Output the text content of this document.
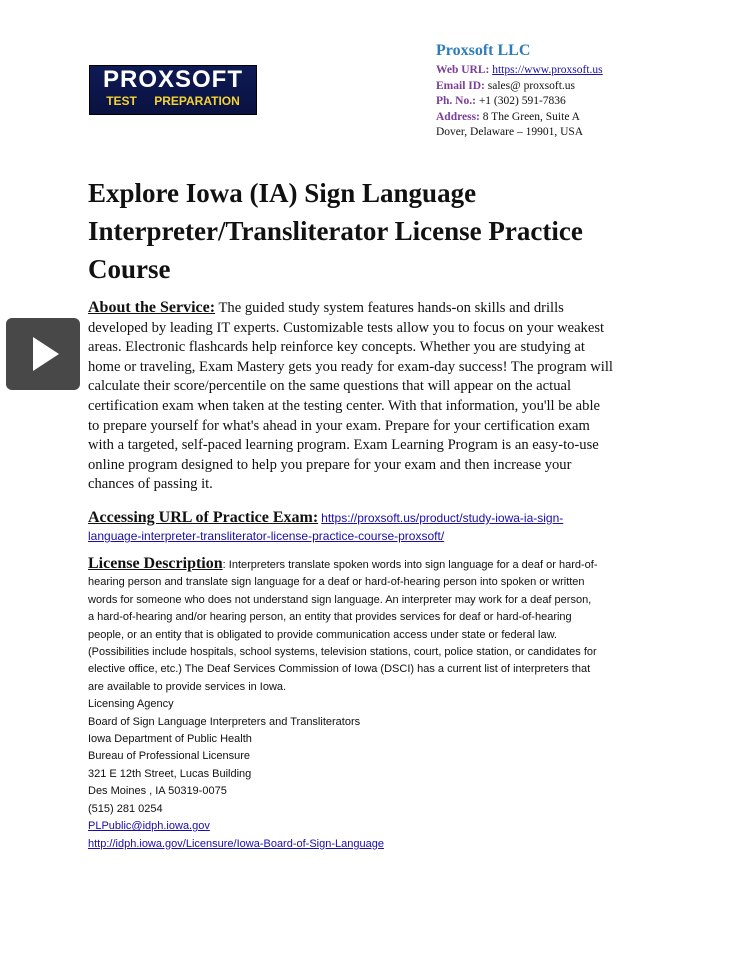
PROXSOFT
TEST PREPARATION
Proxsoft LLC
Web URL: https://www.proxsoft.us
Email ID: sales@ proxsoft.us
Ph. No.: +1 (302) 591-7836
Address: 8 The Green, Suite A
Dover, Delaware – 19901, USA
Explore Iowa (IA) Sign Language
Interpreter/Transliterator License Practice
Course
About the Service: The guided study system features hands-on skills and drills
developed by leading IT experts. Customizable tests allow you to focus on your weakest
areas. Electronic flashcards help reinforce key concepts. Whether you are studying at
home or traveling, Exam Mastery gets you ready for exam-day success! The program will
calculate their score/percentile on the same questions that will appear on the actual
certification exam when taken at the testing center. With that information, you'll be able
to prepare yourself for what's ahead in your exam. Prepare for your certification exam
with a targeted, self-paced learning program. Exam Learning Program is an easy-to-use
online program designed to help you prepare for your exam and then increase your
chances of passing it.
Accessing URL of Practice Exam: https://proxsoft.us/product/study-iowa-ia-sign-
language-interpreter-transliterator-license-practice-course-proxsoft/
License Description: Interpreters translate spoken words into sign language for a deaf or hard-of-
hearing person and translate sign language for a deaf or hard-of-hearing person into spoken or written
words for someone who does not understand sign language. An interpreter may work for a deaf person,
a hard-of-hearing and/or hearing person, an entity that provides services for deaf or hard-of-hearing
people, or an entity that is obligated to provide communication access under state or federal law.
(Possibilities include hospitals, school systems, television stations, court, police station, or candidates for
elective office, etc.) The Deaf Services Commission of Iowa (DSCI) has a current list of interpreters that
are available to provide services in Iowa.
Licensing Agency
Board of Sign Language Interpreters and Transliterators
Iowa Department of Public Health
Bureau of Professional Licensure
321 E 12th Street, Lucas Building
Des Moines , IA 50319-0075
(515) 281 0254
PLPublic@idph.iowa.gov
http://idph.iowa.gov/Licensure/Iowa-Board-of-Sign-Language
